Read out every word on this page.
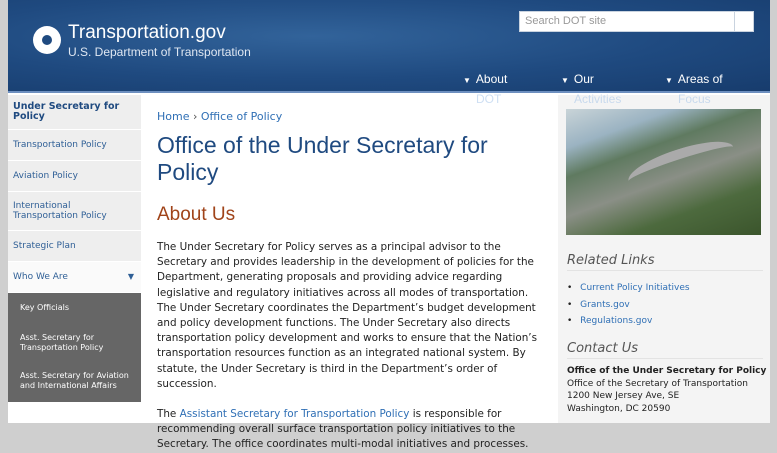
Transportation.gov
U.S. Department of Transportation
Search DOT site
▼ About
DOT
▼ Our
Activities
▼ Areas of
Focus
Under Secretary for Policy
Transportation Policy
Aviation Policy
International Transportation Policy
Strategic Plan
Who We Are	▼
Key Officials
Asst. Secretary for Transportation Policy
Asst. Secretary for Aviation and International Affairs
Home › Office of Policy
Office of the Under Secretary for Policy
About Us

The Under Secretary for Policy serves as a principal advisor to the Secretary and provides leadership in the development of policies for the Department, generating proposals and providing advice regarding legislative and regulatory initiatives across all modes of transportation. The Under Secretary coordinates the Department’s budget development and policy development functions. The Under Secretary also directs transportation policy development and works to ensure that the Nation’s transportation resources function as an integrated national system. By statute, the Under Secretary is third in the Department’s order of succession.

The Assistant Secretary for Transportation Policy is responsible for recommending overall surface transportation policy initiatives to the Secretary. The office coordinates multi-modal initiatives and processes.

Related Links
• Current Policy Initiatives
• Grants.gov
• Regulations.gov
Contact Us
Office of the Under Secretary for Policy
Office of the Secretary of Transportation
1200 New Jersey Ave, SE
Washington, DC 20590
